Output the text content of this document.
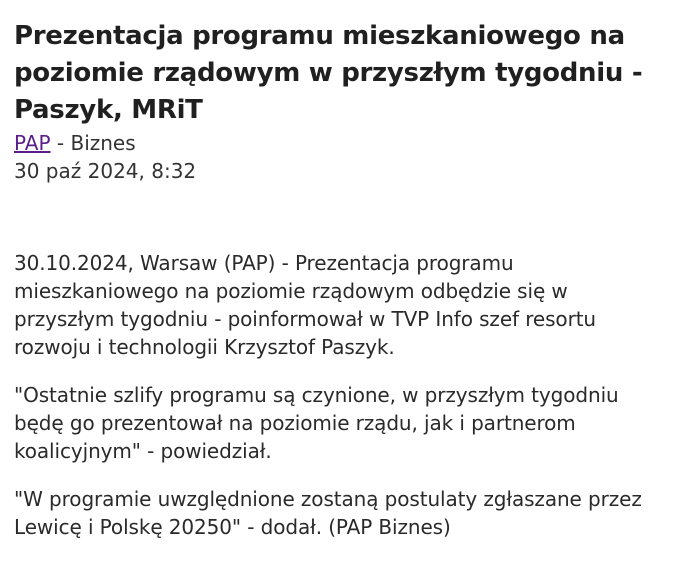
Prezentacja programu mieszkaniowego na poziomie rządowym w przyszłym tygodniu - Paszyk, MRiT
PAP - Biznes
30 paź 2024, 8:32

30.10.2024, Warsaw (PAP) - Prezentacja programu mieszkaniowego na poziomie rządowym odbędzie się w przyszłym tygodniu - poinformował w TVP Info szef resortu rozwoju i technologii Krzysztof Paszyk.

"Ostatnie szlify programu są czynione, w przyszłym tygodniu będę go prezentował na poziomie rządu, jak i partnerom koalicyjnym" - powiedział.

"W programie uwzględnione zostaną postulaty zgłaszane przez Lewicę i Polskę 20250" - dodał. (PAP Biznes)
